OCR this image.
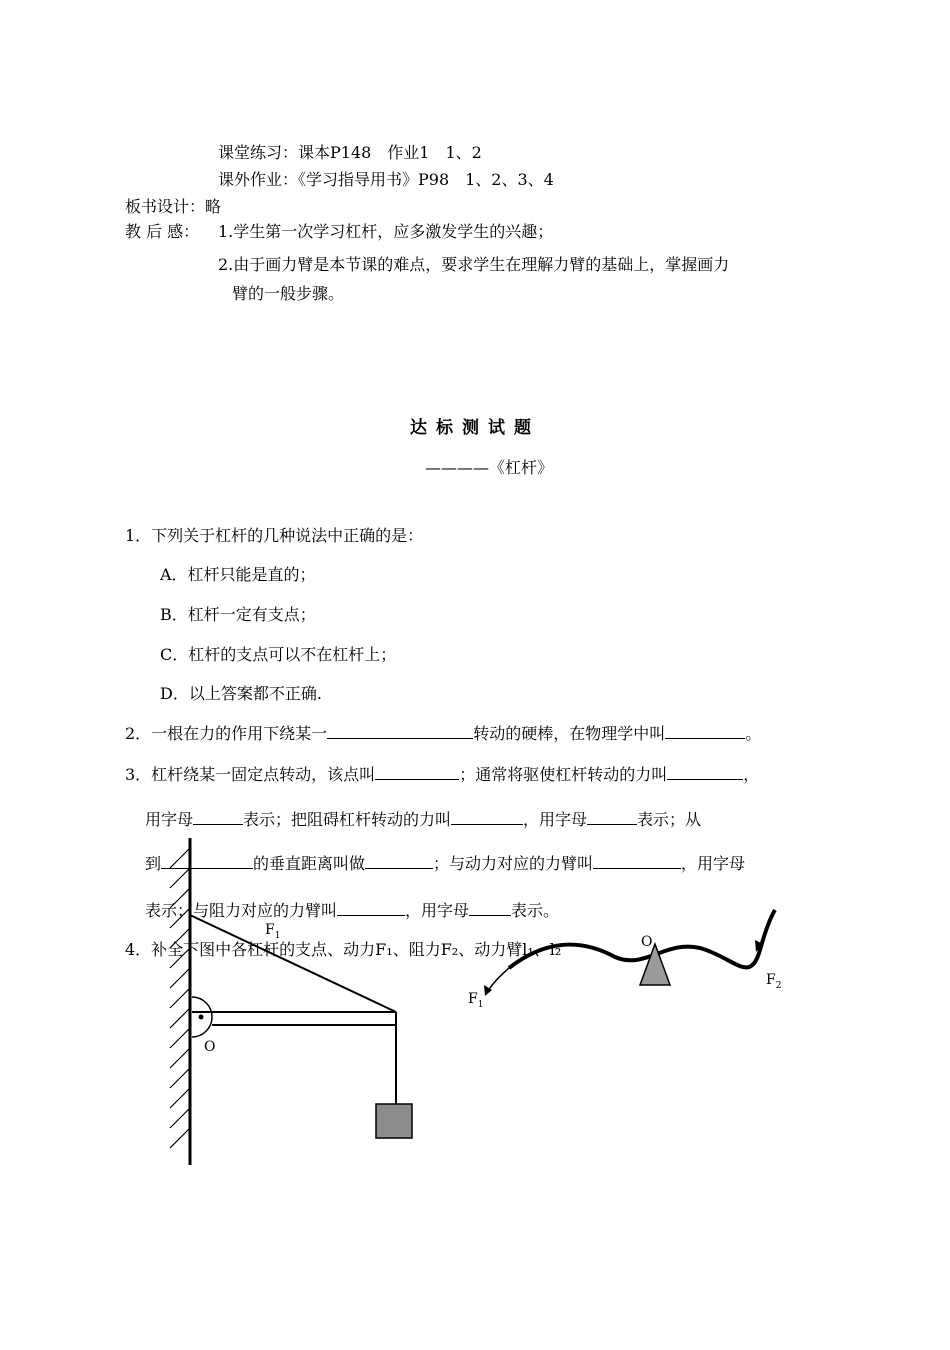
课堂练习：课本P148　作业1　1、2
课外作业：《学习指导用书》P98　1、2、3、4
板书设计：略
教 后 感： 1.学生第一次学习杠杆，应多激发学生的兴趣；
2.由于画力臂是本节课的难点，要求学生在理解力臂的基础上，掌握画力
臂的一般步骤。
达标测试题
————《杠杆》
1．下列关于杠杆的几种说法中正确的是：
A．杠杆只能是直的；
B．杠杆一定有支点；
C．杠杆的支点可以不在杠杆上；
D．以上答案都不正确.
2．一根在力的作用下绕某一	转动的硬棒，在物理学中叫	。
3．杠杆绕某一固定点转动，该点叫	；通常将驱使杠杆转动的力叫	，
用字母	表示；把阻碍杠杆转动的力叫	，用字母	表示；从
到	的垂直距离叫做	；与动力对应的力臂叫	，用字母
表示；与阻力对应的力臂叫	，用字母	表示。
4．补全下图中各杠杆的支点、动力F₁、阻力F₂、动力臂l₁、l₂
$F_1$
O
O
$F_1$
$F_2$
